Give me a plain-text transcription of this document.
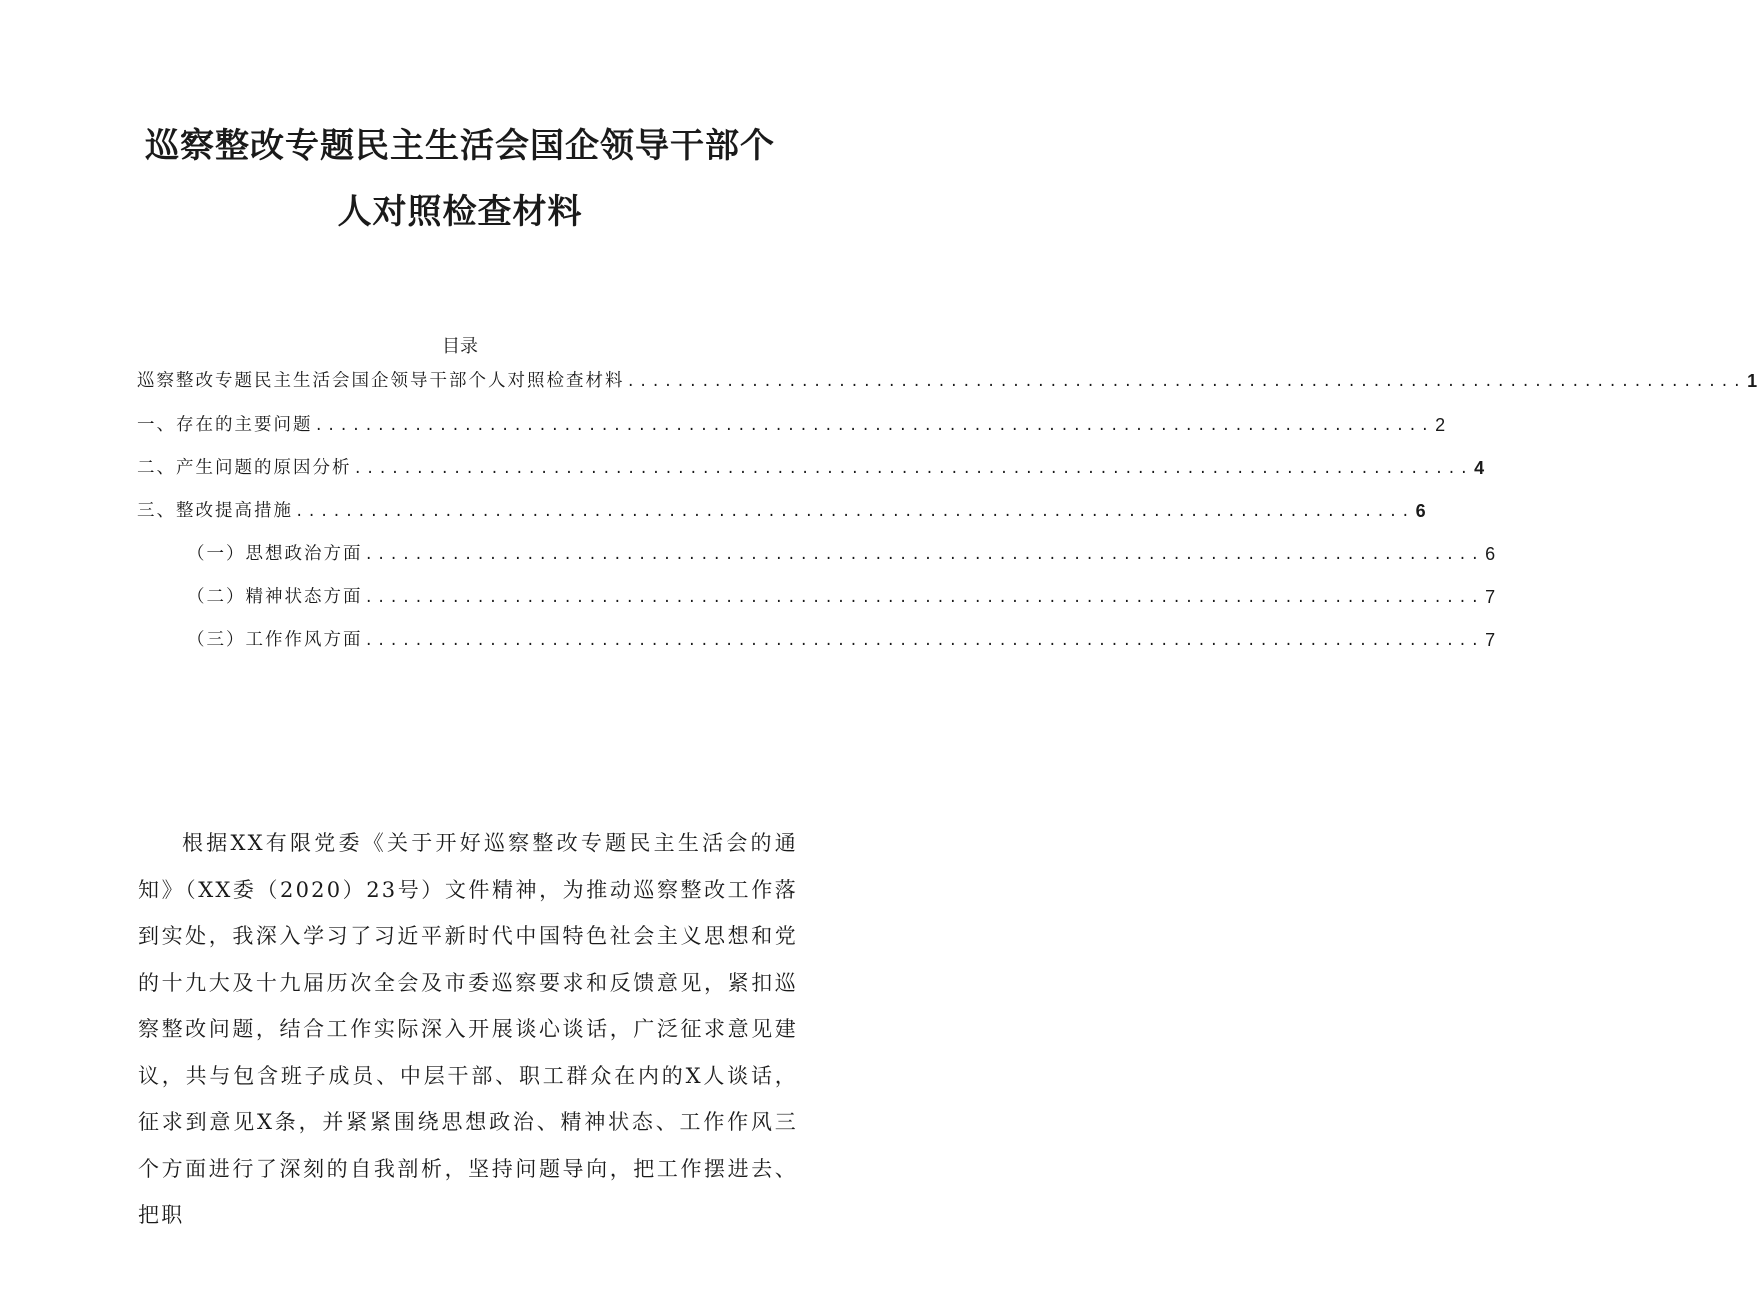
巡察整改专题民主生活会国企领导干部个
人对照检查材料
目录
巡察整改专题民主生活会国企领导干部个人对照检查材料 .......................................................................................... 1
一、存在的主要问题 .......................................................................................... 2
二、产生问题的原因分析 .......................................................................................... 4
三、整改提高措施 .......................................................................................... 6
（一）思想政治方面 .......................................................................................... 6
（二）精神状态方面 .......................................................................................... 7
（三）工作作风方面 .......................................................................................... 7

根据XX有限党委《关于开好巡察整改专题民主生活会的通知》（XX委（2020）23号）文件精神，为推动巡察整改工作落到实处，我深入学习了习近平新时代中国特色社会主义思想和党的十九大及十九届历次全会及市委巡察要求和反馈意见，紧扣巡察整改问题，结合工作实际深入开展谈心谈话，广泛征求意见建议，共与包含班子成员、中层干部、职工群众在内的X人谈话，征求到意见X条，并紧紧围绕思想政治、精神状态、工作作风三个方面进行了深刻的自我剖析，坚持问题导向，把工作摆进去、把职
